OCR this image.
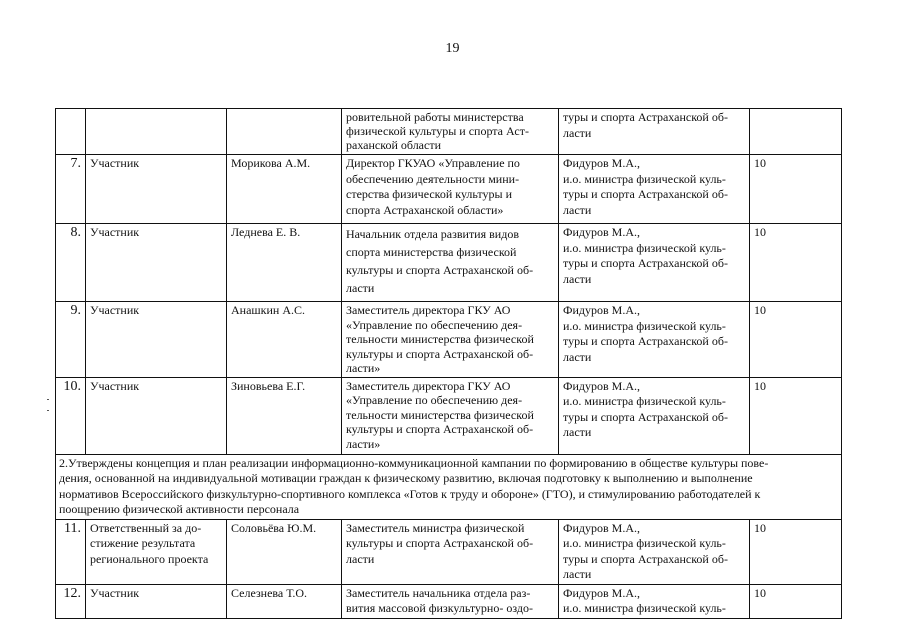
19
			ровительной работы министерства
физической культуры и спорта Аст-
раханской области	туры и спорта Астраханской об-
ласти	
7.	Участник	Морикова А.М.	Директор ГКУАО «Управление по
обеспечению деятельности мини-
стерства физической культуры и
спорта Астраханской области»	Фидуров М.А.,
и.о. министра физической куль-
туры и спорта Астраханской об-
ласти	10
8.	Участник	Леднева Е. В.	Начальник отдела развития видов
спорта министерства физической
культуры и спорта Астраханской об-
ласти	Фидуров М.А.,
и.о. министра физической куль-
туры и спорта Астраханской об-
ласти	10
9.	Участник	Анашкин А.С.	Заместитель директора ГКУ АО
«Управление по обеспечению дея-
тельности министерства физической
культуры и спорта Астраханской об-
ласти»	Фидуров М.А.,
и.о. министра физической куль-
туры и спорта Астраханской об-
ласти	10
10.	Участник	Зиновьева Е.Г.	Заместитель директора ГКУ АО
«Управление по обеспечению дея-
тельности министерства физической
культуры и спорта Астраханской об-
ласти»	Фидуров М.А.,
и.о. министра физической куль-
туры и спорта Астраханской об-
ласти	10
2.Утверждены концепция и план реализации информационно-коммуникационной кампании по формированию в обществе культуры пове-
дения, основанной на индивидуальной мотивации граждан к физическому развитию, включая подготовку к выполнению и выполнение
нормативов Всероссийского физкультурно-спортивного комплекса «Готов к труду и обороне» (ГТО), и стимулированию работодателей к
поощрению физической активности персонала					
11.	Ответственный за до-
стижение результата
регионального проекта	Соловьёва Ю.М.	Заместитель министра физической
культуры и спорта Астраханской об-
ласти	Фидуров М.А.,
и.о. министра физической куль-
туры и спорта Астраханской об-
ласти	10
12.	Участник	Селезнева Т.О.	Заместитель начальника отдела раз-
вития массовой физкультурно- оздо-	Фидуров М.А.,
и.о. министра физической куль-	10
